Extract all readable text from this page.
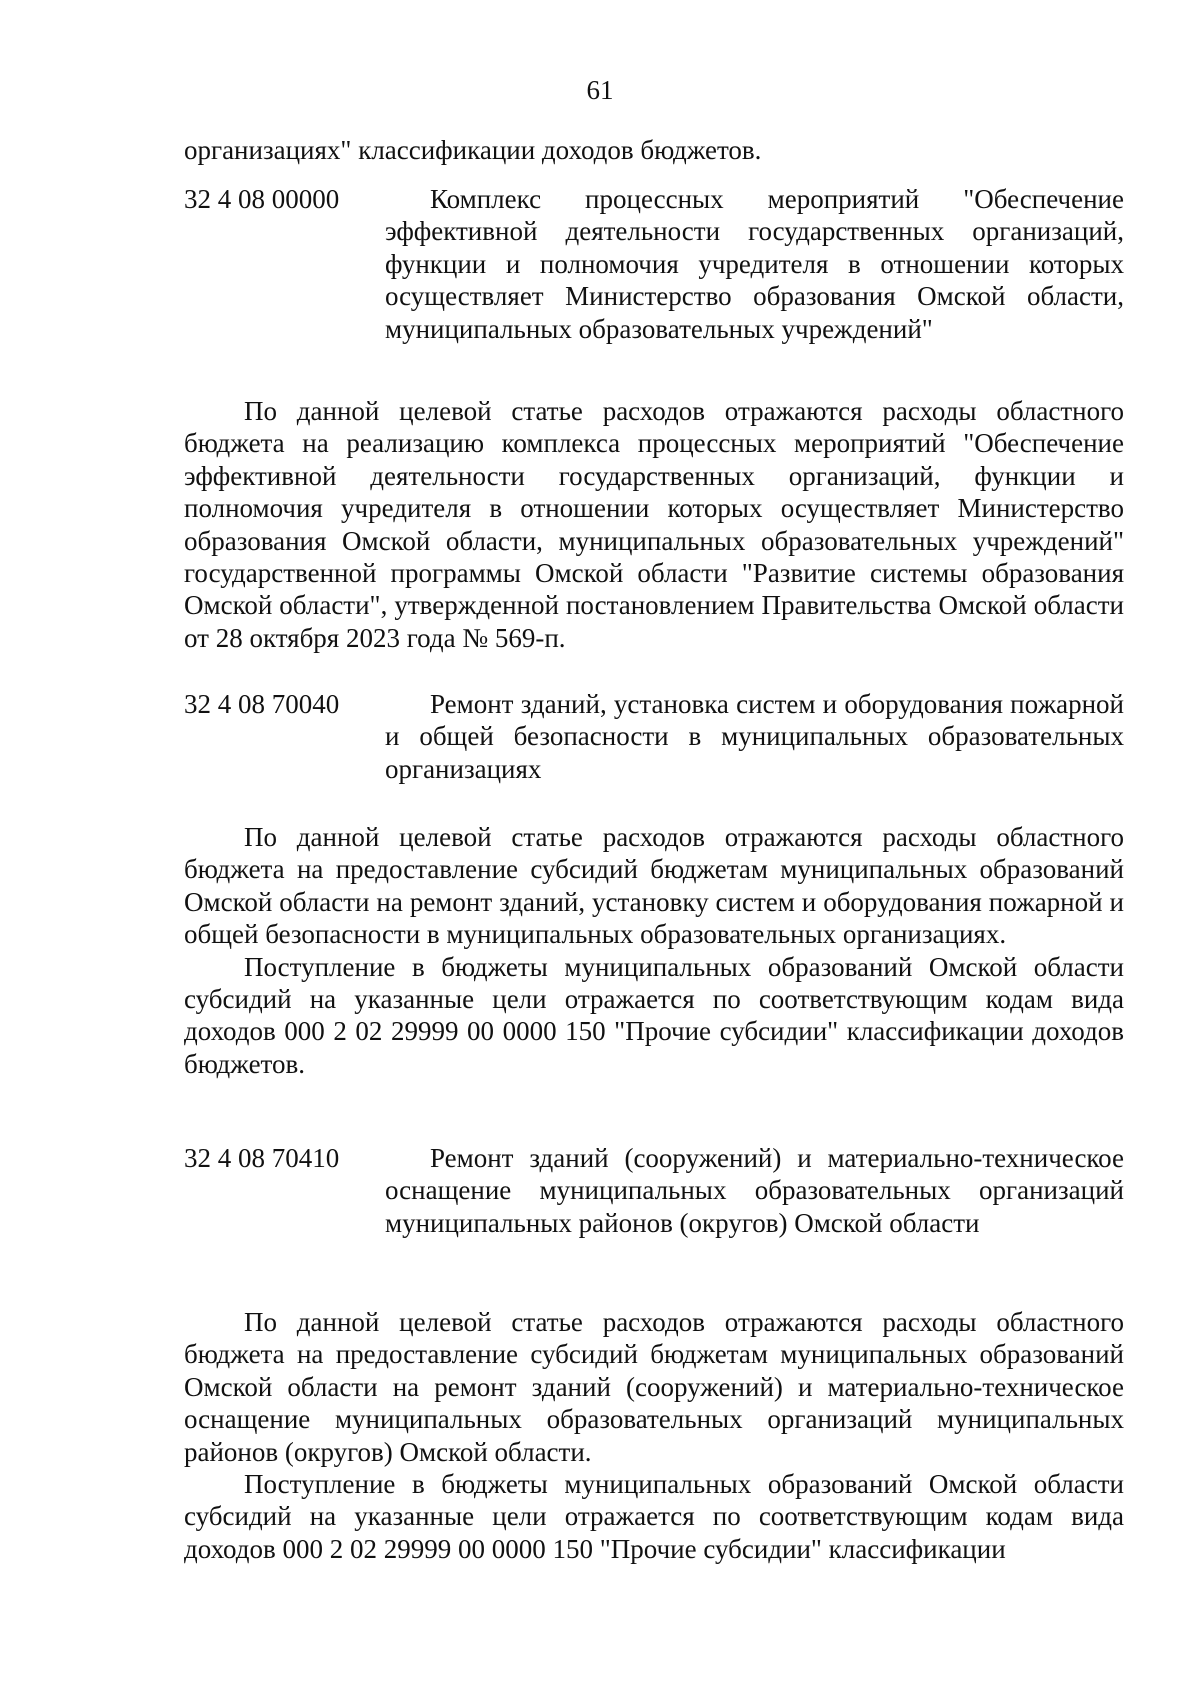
61

организациях" классификации доходов бюджетов.

32 4 08 00000	Комплекс процессных мероприятий "Обеспечение эффективной деятельности государственных организаций, функции и полномочия учредителя в отношении которых осуществляет Министерство образования Омской области, муниципальных образовательных учреждений"

По данной целевой статье расходов отражаются расходы областного бюджета на реализацию комплекса процессных мероприятий "Обеспечение эффективной деятельности государственных организаций, функции и полномочия учредителя в отношении которых осуществляет Министерство образования Омской области, муниципальных образовательных учреждений" государственной программы Омской области "Развитие системы образования Омской области", утвержденной постановлением Правительства Омской области от 28 октября 2023 года № 569-п.

32 4 08 70040	Ремонт зданий, установка систем и оборудования пожарной и общей безопасности в муниципальных образовательных организациях

По данной целевой статье расходов отражаются расходы областного бюджета на предоставление субсидий бюджетам муниципальных образований Омской области на ремонт зданий, установку систем и оборудования пожарной и общей безопасности в муниципальных образовательных организациях.

Поступление в бюджеты муниципальных образований Омской области субсидий на указанные цели отражается по соответствующим кодам вида доходов 000 2 02 29999 00 0000 150 "Прочие субсидии" классификации доходов бюджетов.

32 4 08 70410	Ремонт зданий (сооружений) и материально-техническое оснащение муниципальных образовательных организаций муниципальных районов (округов) Омской области

По данной целевой статье расходов отражаются расходы областного бюджета на предоставление субсидий бюджетам муниципальных образований Омской области на ремонт зданий (сооружений) и материально-техническое оснащение муниципальных образовательных организаций муниципальных районов (округов) Омской области.

Поступление в бюджеты муниципальных образований Омской области субсидий на указанные цели отражается по соответствующим кодам вида доходов 000 2 02 29999 00 0000 150 "Прочие субсидии" классификации
